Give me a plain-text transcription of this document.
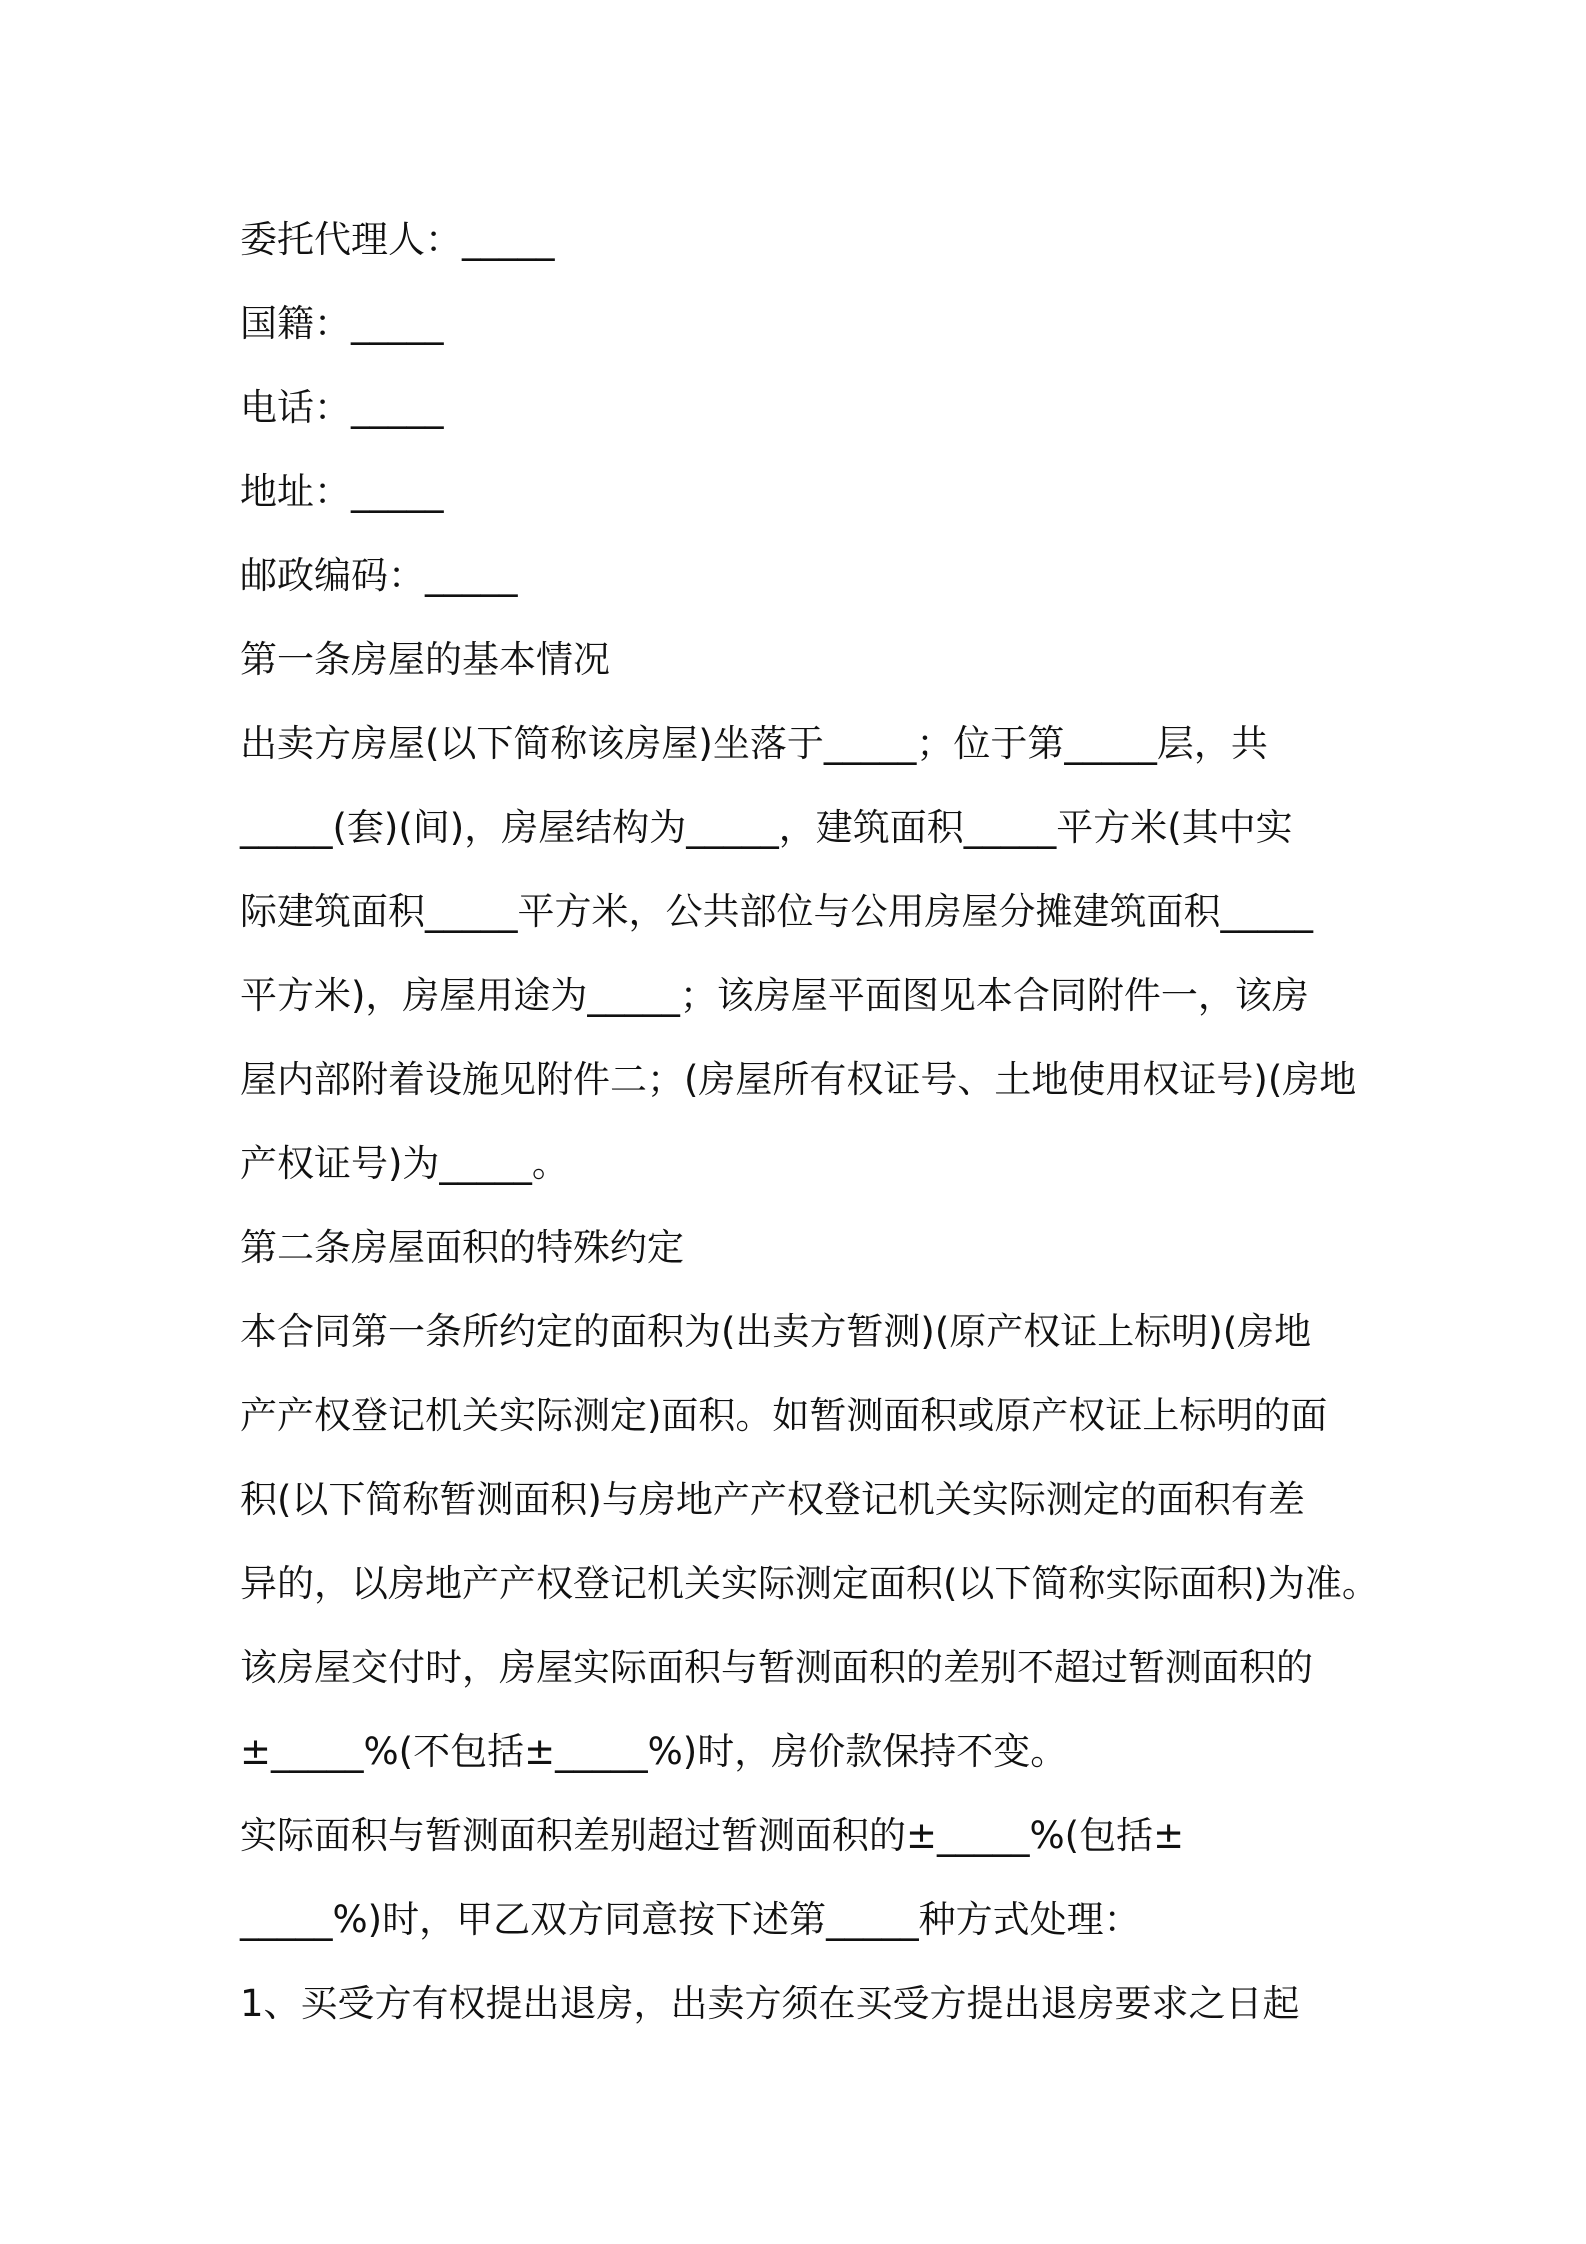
委托代理人：_____
国籍：_____
电话：_____
地址：_____
邮政编码：_____
第一条房屋的基本情况
出卖方房屋(以下简称该房屋)坐落于_____；位于第_____层，共
_____(套)(间)，房屋结构为_____，建筑面积_____平方米(其中实
际建筑面积_____平方米，公共部位与公用房屋分摊建筑面积_____
平方米)，房屋用途为_____；该房屋平面图见本合同附件一，该房
屋内部附着设施见附件二；(房屋所有权证号、土地使用权证号)(房地
产权证号)为_____。
第二条房屋面积的特殊约定
本合同第一条所约定的面积为(出卖方暂测)(原产权证上标明)(房地
产产权登记机关实际测定)面积。如暂测面积或原产权证上标明的面
积(以下简称暂测面积)与房地产产权登记机关实际测定的面积有差
异的，以房地产产权登记机关实际测定面积(以下简称实际面积)为准。
该房屋交付时，房屋实际面积与暂测面积的差别不超过暂测面积的
±_____%(不包括±_____%)时，房价款保持不变。
实际面积与暂测面积差别超过暂测面积的±_____%(包括±
_____%)时，甲乙双方同意按下述第_____种方式处理：
1、买受方有权提出退房，出卖方须在买受方提出退房要求之日起
